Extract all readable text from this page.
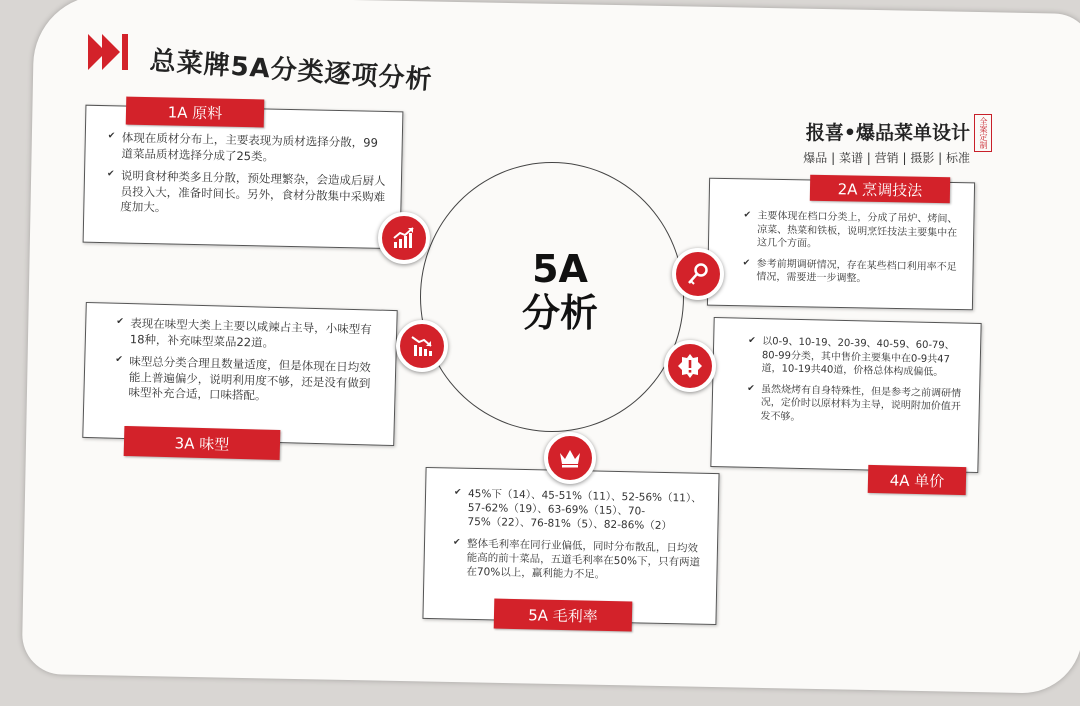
总菜牌5A分类逐项分析
报喜•爆品菜单设计
爆品 | 菜谱 | 营销 | 摄影 | 标准
全案定制
5A
分析
✔ 体现在质材分布上，主要表现为质材选择分散，99道菜品质材选择分成了25类。
✔ 说明食材种类多且分散，预处理繁杂，会造成后厨人员投入大，准备时间长。另外，食材分散集中采购难度加大。
1A 原料
✔ 主要体现在档口分类上，分成了吊炉、烤间、凉菜、热菜和铁板，说明烹饪技法主要集中在这几个方面。
✔ 参考前期调研情况，存在某些档口利用率不足情况，需要进一步调整。
2A 烹调技法
✔ 表现在味型大类上主要以咸辣占主导，小味型有18种，补充味型菜品22道。
✔ 味型总分类合理且数量适度，但是体现在日均效能上普遍偏少，说明利用度不够，还是没有做到味型补充合适，口味搭配。
3A 味型
✔ 以0-9、10-19、20-39、40-59、60-79、80-99分类，其中售价主要集中在0-9共47道，10-19共40道，价格总体构成偏低。
✔ 虽然烧烤有自身特殊性，但是参考之前调研情况，定价时以原材料为主导，说明附加价值开发不够。
4A 单价
✔ 45%下（14）、45-51%（11）、52-56%（11）、57-62%（19）、63-69%（15）、70-75%（22）、76-81%（5）、82-86%（2）
✔ 整体毛利率在同行业偏低，同时分布散乱，日均效能高的前十菜品，五道毛利率在50%下，只有两道在70%以上，赢利能力不足。
5A 毛利率
